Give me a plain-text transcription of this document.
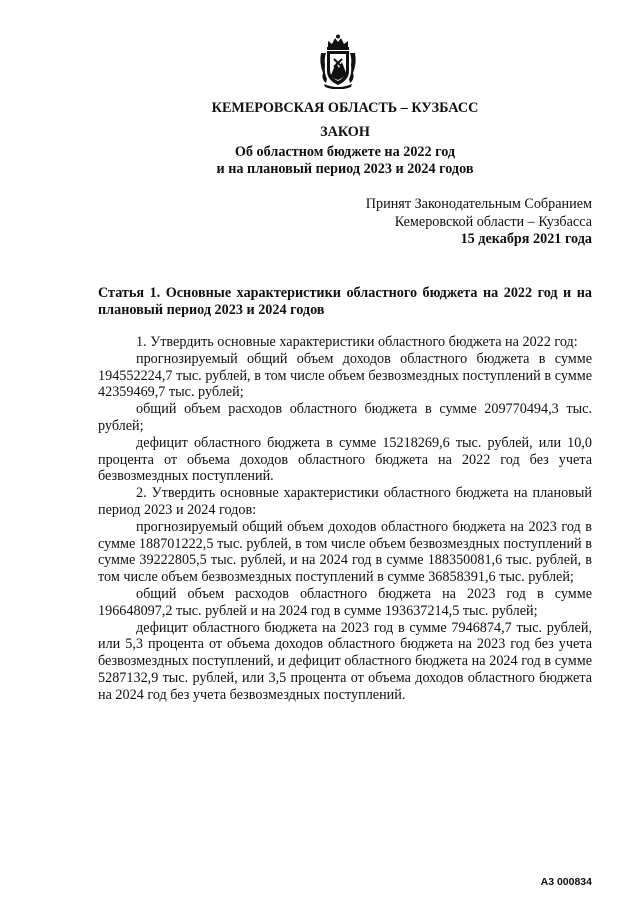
КЕМЕРОВСКАЯ ОБЛАСТЬ – КУЗБАСС
ЗАКОН
Об областном бюджете на 2022 год
и на плановый период 2023 и 2024 годов
Принят Законодательным Собранием
Кемеровской области – Кузбасса
15 декабря 2021 года
Статья 1. Основные характеристики областного бюджета на 2022 год и на плановый период 2023 и 2024 годов

1. Утвердить основные характеристики областного бюджета на 2022 год:

прогнозируемый общий объем доходов областного бюджета в сумме 194552224,7 тыс. рублей, в том числе объем безвозмездных поступлений в сумме 42359469,7 тыс. рублей;

общий объем расходов областного бюджета в сумме 209770494,3 тыс. рублей;

дефицит областного бюджета в сумме 15218269,6 тыс. рублей, или 10,0 процента от объема доходов областного бюджета на 2022 год без учета безвозмездных поступлений.

2. Утвердить основные характеристики областного бюджета на плановый период 2023 и 2024 годов:

прогнозируемый общий объем доходов областного бюджета на 2023 год в сумме 188701222,5 тыс. рублей, в том числе объем безвозмездных поступлений в сумме 39222805,5 тыс. рублей, и на 2024 год в сумме 188350081,6 тыс. рублей, в том числе объем безвозмездных поступлений в сумме 36858391,6 тыс. рублей;

общий объем расходов областного бюджета на 2023 год в сумме 196648097,2 тыс. рублей и на 2024 год в сумме 193637214,5 тыс. рублей;

дефицит областного бюджета на 2023 год в сумме 7946874,7 тыс. рублей, или 5,3 процента от объема доходов областного бюджета на 2023 год без учета безвозмездных поступлений, и дефицит областного бюджета на 2024 год в сумме 5287132,9 тыс. рублей, или 3,5 процента от объема доходов областного бюджета на 2024 год без учета безвозмездных поступлений.

А3 000834
